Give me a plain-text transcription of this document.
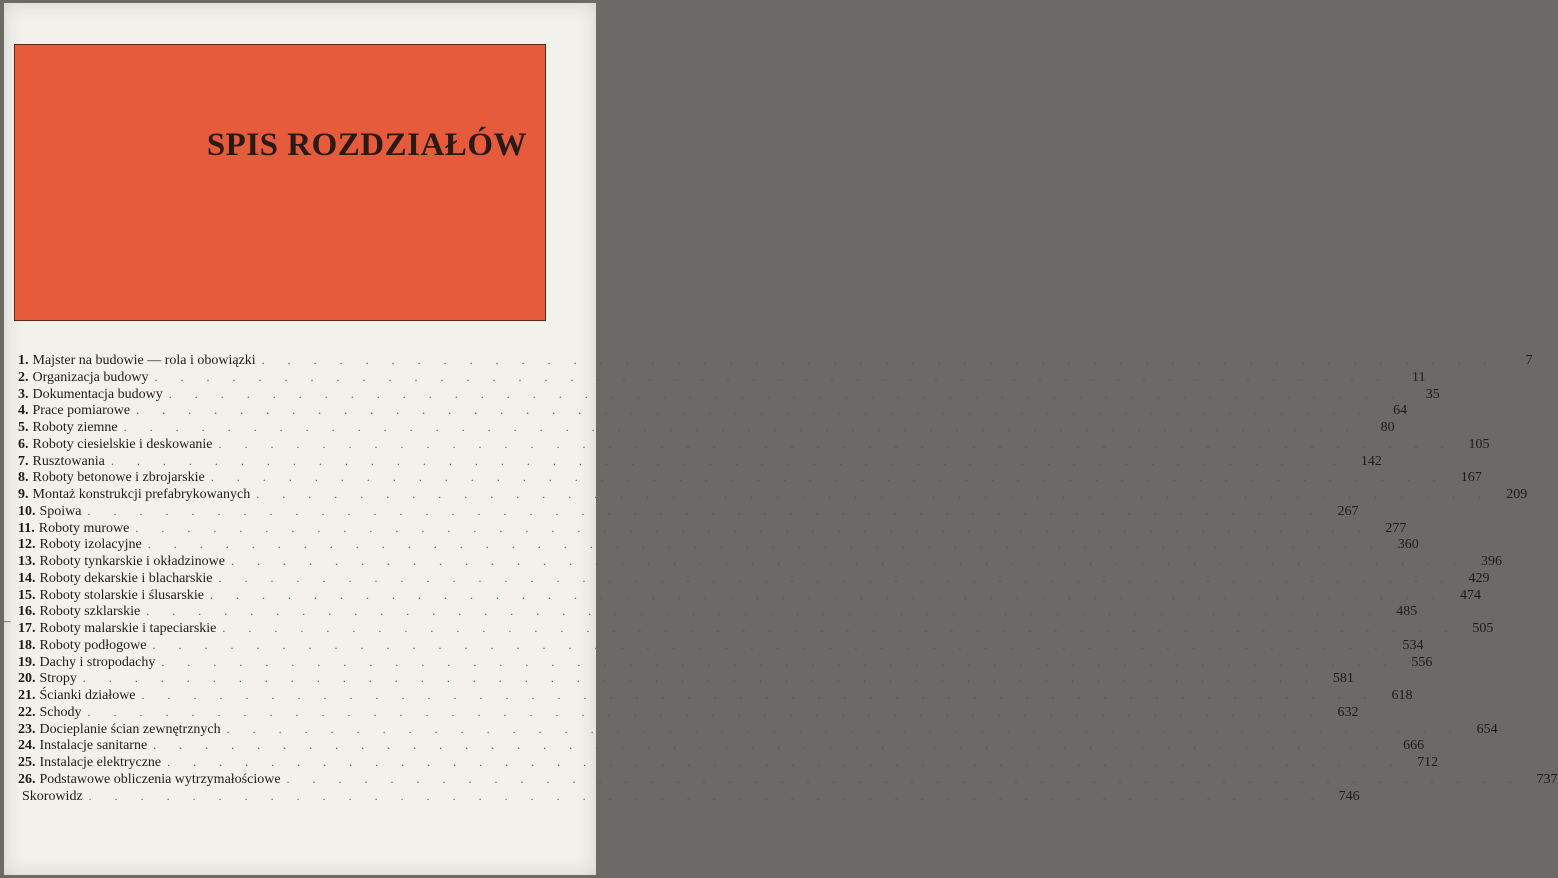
SPIS ROZDZIAŁÓW
–
1. Majster na budowie — rola i obowiązki . . . . . . . . . . . . . . . . . . . . . . . . . . . . . . . . . . . . . . . . . . . . . . . .	7
2. Organizacja budowy . . . . . . . . . . . . . . . . . . . . . . . . . . . . . . . . . . . . . . . . . . . . . . . .	11
3. Dokumentacja budowy . . . . . . . . . . . . . . . . . . . . . . . . . . . . . . . . . . . . . . . . . . . . . . . .	35
4. Prace pomiarowe . . . . . . . . . . . . . . . . . . . . . . . . . . . . . . . . . . . . . . . . . . . . . . . .	64
5. Roboty ziemne . . . . . . . . . . . . . . . . . . . . . . . . . . . . . . . . . . . . . . . . . . . . . . . .	80
6. Roboty ciesielskie i deskowanie . . . . . . . . . . . . . . . . . . . . . . . . . . . . . . . . . . . . . . . . . . . . . . . .	105
7. Rusztowania . . . . . . . . . . . . . . . . . . . . . . . . . . . . . . . . . . . . . . . . . . . . . . . .	142
8. Roboty betonowe i zbrojarskie . . . . . . . . . . . . . . . . . . . . . . . . . . . . . . . . . . . . . . . . . . . . . . . .	167
9. Montaż konstrukcji prefabrykowanych . . . . . . . . . . . . . . . . . . . . . . . . . . . . . . . . . . . . . . . . . . . . . . . .	209
10. Spoiwa . . . . . . . . . . . . . . . . . . . . . . . . . . . . . . . . . . . . . . . . . . . . . . . .	267
11. Roboty murowe . . . . . . . . . . . . . . . . . . . . . . . . . . . . . . . . . . . . . . . . . . . . . . . .	277
12. Roboty izolacyjne . . . . . . . . . . . . . . . . . . . . . . . . . . . . . . . . . . . . . . . . . . . . . . . .	360
13. Roboty tynkarskie i okładzinowe . . . . . . . . . . . . . . . . . . . . . . . . . . . . . . . . . . . . . . . . . . . . . . . .	396
14. Roboty dekarskie i blacharskie . . . . . . . . . . . . . . . . . . . . . . . . . . . . . . . . . . . . . . . . . . . . . . . .	429
15. Roboty stolarskie i ślusarskie . . . . . . . . . . . . . . . . . . . . . . . . . . . . . . . . . . . . . . . . . . . . . . . .	474
16. Roboty szklarskie . . . . . . . . . . . . . . . . . . . . . . . . . . . . . . . . . . . . . . . . . . . . . . . .	485
17. Roboty malarskie i tapeciarskie . . . . . . . . . . . . . . . . . . . . . . . . . . . . . . . . . . . . . . . . . . . . . . . .	505
18. Roboty podłogowe . . . . . . . . . . . . . . . . . . . . . . . . . . . . . . . . . . . . . . . . . . . . . . . .	534
19. Dachy i stropodachy . . . . . . . . . . . . . . . . . . . . . . . . . . . . . . . . . . . . . . . . . . . . . . . .	556
20. Stropy . . . . . . . . . . . . . . . . . . . . . . . . . . . . . . . . . . . . . . . . . . . . . . . .	581
21. Ścianki działowe . . . . . . . . . . . . . . . . . . . . . . . . . . . . . . . . . . . . . . . . . . . . . . . .	618
22. Schody . . . . . . . . . . . . . . . . . . . . . . . . . . . . . . . . . . . . . . . . . . . . . . . .	632
23. Docieplanie ścian zewnętrznych . . . . . . . . . . . . . . . . . . . . . . . . . . . . . . . . . . . . . . . . . . . . . . . .	654
24. Instalacje sanitarne . . . . . . . . . . . . . . . . . . . . . . . . . . . . . . . . . . . . . . . . . . . . . . . .	666
25. Instalacje elektryczne . . . . . . . . . . . . . . . . . . . . . . . . . . . . . . . . . . . . . . . . . . . . . . . .	712
26. Podstawowe obliczenia wytrzymałościowe . . . . . . . . . . . . . . . . . . . . . . . . . . . . . . . . . . . . . . . . . . . . . . . .	737
Skorowidz . . . . . . . . . . . . . . . . . . . . . . . . . . . . . . . . . . . . . . . . . . . . . . . .	746
